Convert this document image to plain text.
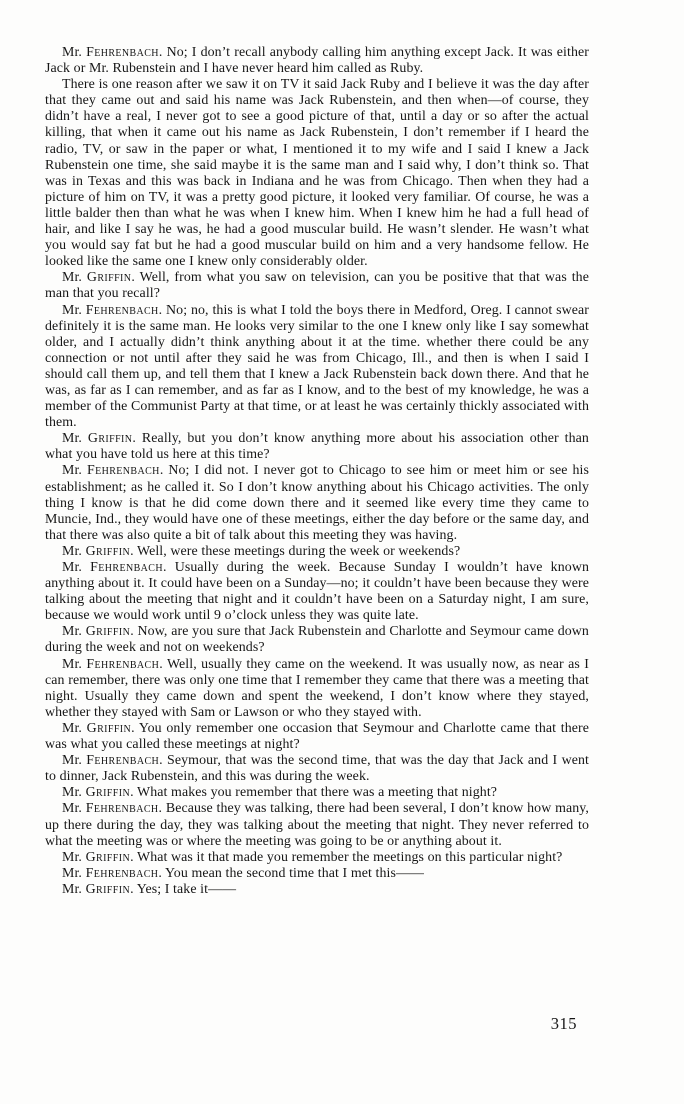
Mr. Fehrenbach. No; I don’t recall anybody calling him anything except Jack. It was either Jack or Mr. Rubenstein and I have never heard him called as Ruby.

There is one reason after we saw it on TV it said Jack Ruby and I believe it was the day after that they came out and said his name was Jack Rubenstein, and then when—of course, they didn’t have a real, I never got to see a good picture of that, until a day or so after the actual killing, that when it came out his name as Jack Rubenstein, I don’t remember if I heard the radio, TV, or saw in the paper or what, I mentioned it to my wife and I said I knew a Jack Rubenstein one time, she said maybe it is the same man and I said why, I don’t think so. That was in Texas and this was back in Indiana and he was from Chicago. Then when they had a picture of him on TV, it was a pretty good picture, it looked very familiar. Of course, he was a little balder then than what he was when I knew him. When I knew him he had a full head of hair, and like I say he was, he had a good muscular build. He wasn’t slender. He wasn’t what you would say fat but he had a good muscular build on him and a very handsome fellow. He looked like the same one I knew only considerably older.

Mr. Griffin. Well, from what you saw on television, can you be positive that that was the man that you recall?

Mr. Fehrenbach. No; no, this is what I told the boys there in Medford, Oreg. I cannot swear definitely it is the same man. He looks very similar to the one I knew only like I say somewhat older, and I actually didn’t think anything about it at the time. whether there could be any connection or not until after they said he was from Chicago, Ill., and then is when I said I should call them up, and tell them that I knew a Jack Rubenstein back down there. And that he was, as far as I can remember, and as far as I know, and to the best of my knowledge, he was a member of the Communist Party at that time, or at least he was certainly thickly associated with them.

Mr. Griffin. Really, but you don’t know anything more about his association other than what you have told us here at this time?

Mr. Fehrenbach. No; I did not. I never got to Chicago to see him or meet him or see his establishment; as he called it. So I don’t know anything about his Chicago activities. The only thing I know is that he did come down there and it seemed like every time they came to Muncie, Ind., they would have one of these meetings, either the day before or the same day, and that there was also quite a bit of talk about this meeting they was having.

Mr. Griffin. Well, were these meetings during the week or weekends?

Mr. Fehrenbach. Usually during the week. Because Sunday I wouldn’t have known anything about it. It could have been on a Sunday—no; it couldn’t have been because they were talking about the meeting that night and it couldn’t have been on a Saturday night, I am sure, because we would work until 9 o’clock unless they was quite late.

Mr. Griffin. Now, are you sure that Jack Rubenstein and Charlotte and Seymour came down during the week and not on weekends?

Mr. Fehrenbach. Well, usually they came on the weekend. It was usually now, as near as I can remember, there was only one time that I remember they came that there was a meeting that night. Usually they came down and spent the weekend, I don’t know where they stayed, whether they stayed with Sam or Lawson or who they stayed with.

Mr. Griffin. You only remember one occasion that Seymour and Charlotte came that there was what you called these meetings at night?

Mr. Fehrenbach. Seymour, that was the second time, that was the day that Jack and I went to dinner, Jack Rubenstein, and this was during the week.

Mr. Griffin. What makes you remember that there was a meeting that night?

Mr. Fehrenbach. Because they was talking, there had been several, I don’t know how many, up there during the day, they was talking about the meeting that night. They never referred to what the meeting was or where the meeting was going to be or anything about it.

Mr. Griffin. What was it that made you remember the meetings on this particular night?

Mr. Fehrenbach. You mean the second time that I met this——

Mr. Griffin. Yes; I take it——

315
